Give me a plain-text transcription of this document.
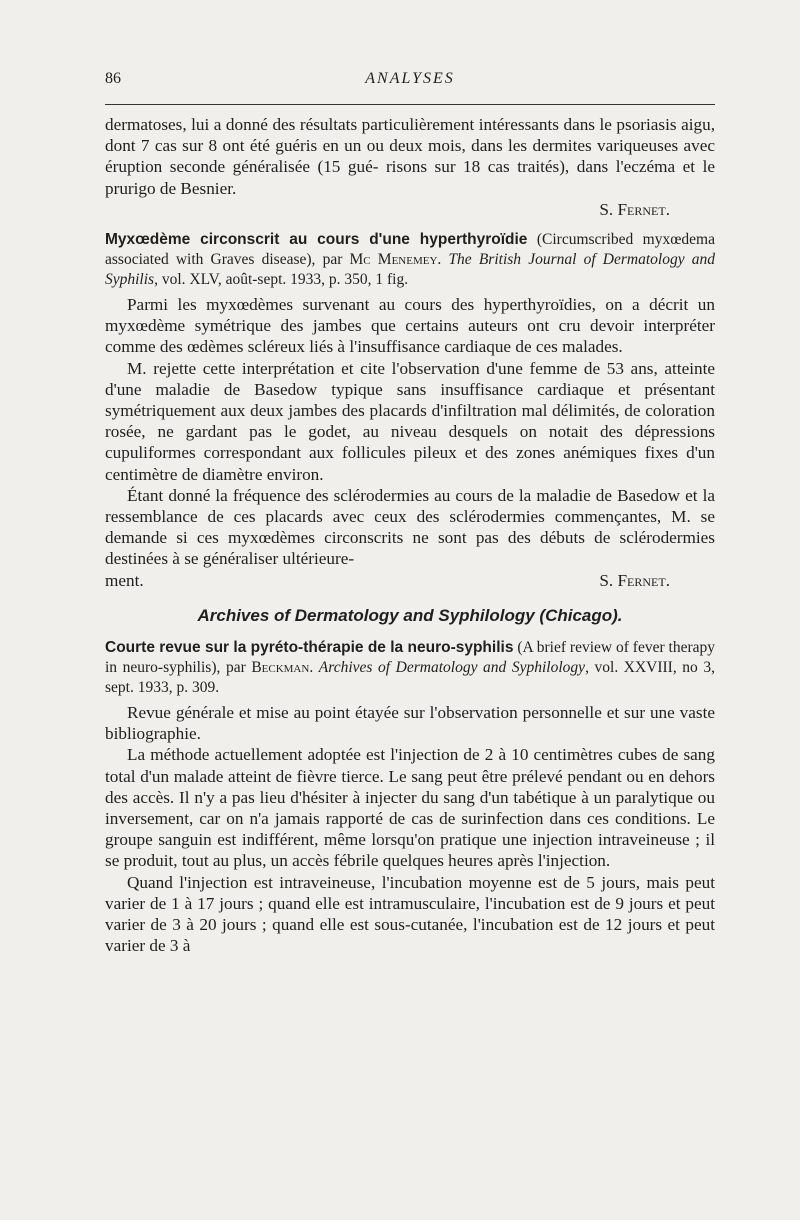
86	ANALYSES

dermatoses, lui a donné des résultats particulièrement intéressants dans le psoriasis aigu, dont 7 cas sur 8 ont été guéris en un ou deux mois, dans les dermites variqueuses avec éruption seconde généralisée (15 gué- risons sur 18 cas traités), dans l'eczéma et le prurigo de Besnier.

S. Fernet.

Myxœdème circonscrit au cours d'une hyperthyroïdie (Circumscribed myxœdema associated with Graves disease), par Mc Menemey. The British Journal of Dermatology and Syphilis, vol. XLV, août-sept. 1933, p. 350, 1 fig.

Parmi les myxœdèmes survenant au cours des hyperthyroïdies, on a décrit un myxœdème symétrique des jambes que certains auteurs ont cru devoir interpréter comme des œdèmes scléreux liés à l'insuffisance cardiaque de ces malades.

M. rejette cette interprétation et cite l'observation d'une femme de 53 ans, atteinte d'une maladie de Basedow typique sans insuffisance cardiaque et présentant symétriquement aux deux jambes des placards d'infiltration mal délimités, de coloration rosée, ne gardant pas le godet, au niveau desquels on notait des dépressions cupuliformes correspondant aux follicules pileux et des zones anémiques fixes d'un centimètre de diamètre environ.

Étant donné la fréquence des sclérodermies au cours de la maladie de Basedow et la ressemblance de ces placards avec ceux des sclérodermies commençantes, M. se demande si ces myxœdèmes circonscrits ne sont pas des débuts de sclérodermies destinées à se généraliser ultérieure-

ment.	S. Fernet.

Archives of Dermatology and Syphilology (Chicago).
Courte revue sur la pyréto-thérapie de la neuro-syphilis (A brief review of fever therapy in neuro-syphilis), par Beckman. Archives of Dermatology and Syphilology, vol. XXVIII, no 3, sept. 1933, p. 309.

Revue générale et mise au point étayée sur l'observation personnelle et sur une vaste bibliographie.

La méthode actuellement adoptée est l'injection de 2 à 10 centimètres cubes de sang total d'un malade atteint de fièvre tierce. Le sang peut être prélevé pendant ou en dehors des accès. Il n'y a pas lieu d'hésiter à injecter du sang d'un tabétique à un paralytique ou inversement, car on n'a jamais rapporté de cas de surinfection dans ces conditions. Le groupe sanguin est indifférent, même lorsqu'on pratique une injection intraveineuse ; il se produit, tout au plus, un accès fébrile quelques heures après l'injection.

Quand l'injection est intraveineuse, l'incubation moyenne est de 5 jours, mais peut varier de 1 à 17 jours ; quand elle est intramusculaire, l'incubation est de 9 jours et peut varier de 3 à 20 jours ; quand elle est sous-cutanée, l'incubation est de 12 jours et peut varier de 3 à
